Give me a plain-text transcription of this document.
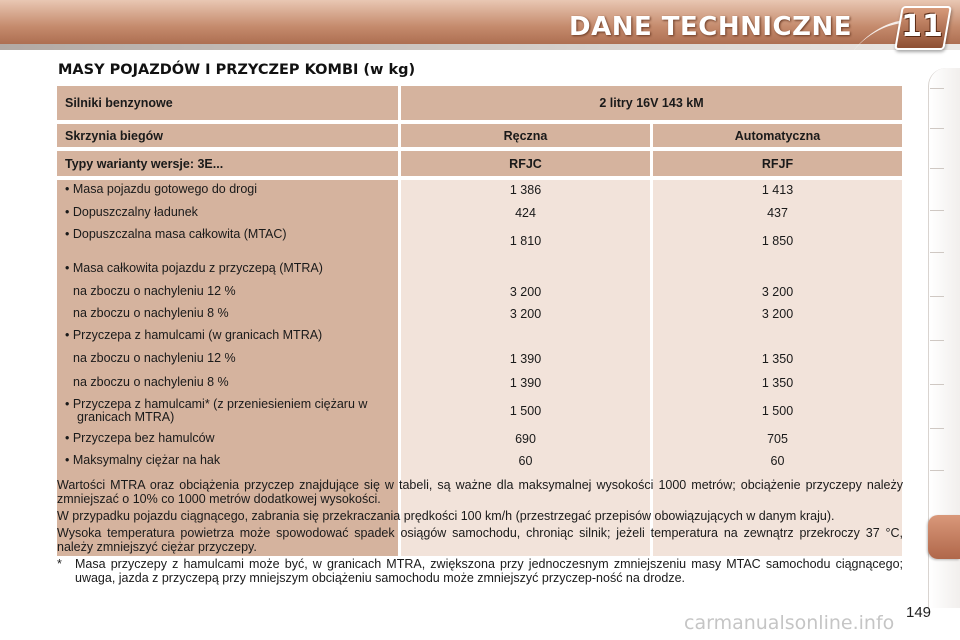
DANE TECHNICZNE 11
MASY POJAZDÓW I PRZYCZEP KOMBI (w kg)
Silniki benzynowe	2 litry 16V 143 kM
Skrzynia biegów	Ręczna	Automatyczna
Typy warianty wersje: 3E...	RFJC	RFJF
• Masa pojazdu gotowego do drogi	1 386	1 413
• Dopuszczalny ładunek	424	437
• Dopuszczalna masa całkowita (MTAC)	1 810	1 850
• Masa całkowita pojazdu z przyczepą (MTRA)
na zboczu o nachyleniu 12 %	3 200	3 200
na zboczu o nachyleniu 8 %	3 200	3 200
• Przyczepa z hamulcami (w granicach MTRA)
na zboczu o nachyleniu 12 %	1 390	1 350
na zboczu o nachyleniu 8 %	1 390	1 350
• Przyczepa z hamulcami* (z przeniesieniem ciężaru w granicach MTRA)	1 500	1 500
• Przyczepa bez hamulców	690	705
• Maksymalny ciężar na hak	60	60

Wartości MTRA oraz obciążenia przyczep znajdujące się w tabeli, są ważne dla maksymalnej wysokości 1000 metrów; obciążenie przyczepy należy zmniejszać o 10% co 1000 metrów dodatkowej wysokości.

W przypadku pojazdu ciągnącego, zabrania się przekraczania prędkości 100 km/h (przestrzegać przepisów obowiązujących w danym kraju).

Wysoka temperatura powietrza może spowodować spadek osiągów samochodu, chroniąc silnik; jeżeli temperatura na zewnątrz przekroczy 37 °C, należy zmniejszyć ciężar przyczepy.

*	Masa przyczepy z hamulcami może być, w granicach MTRA, zwiększona przy jednoczesnym zmniejszeniu masy MTAC samochodu ciągnącego; uwaga, jazda z przyczepą przy mniejszym obciążeniu samochodu może zmniejszyć przyczep-ność na drodze.
149
carmanualsonline.info
